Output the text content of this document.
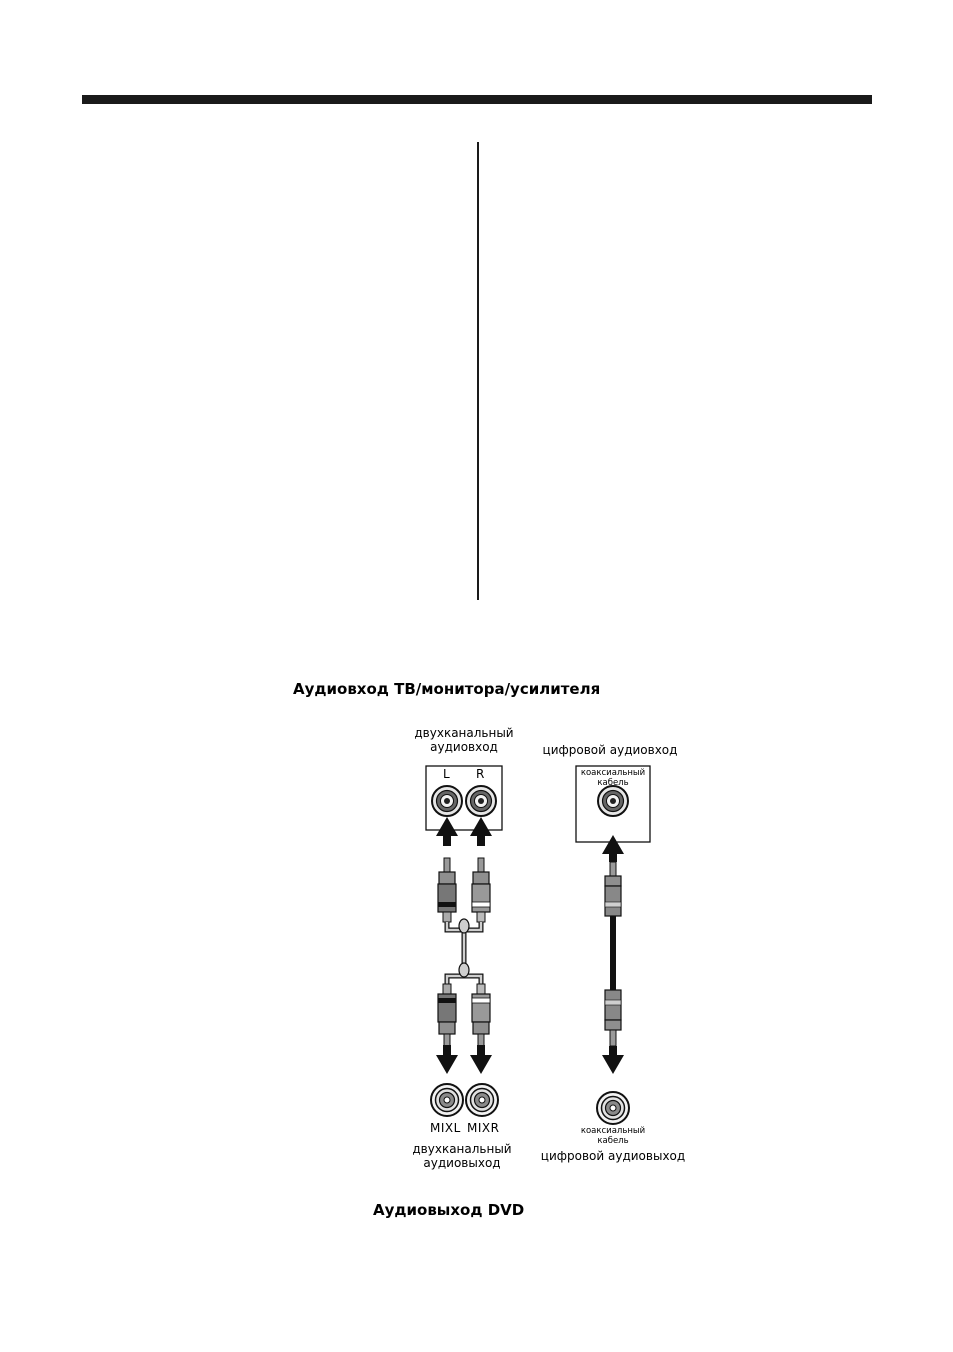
Аудиовход ТВ/монитора/усилителя
Аудиовыход DVD
двухканальный
аудиовход
L R
цифровой аудиовход
коаксиальный
кабель
MIXL MIXR
двухканальный
аудиовыход
коаксиальный
кабель
цифровой аудиовыход
